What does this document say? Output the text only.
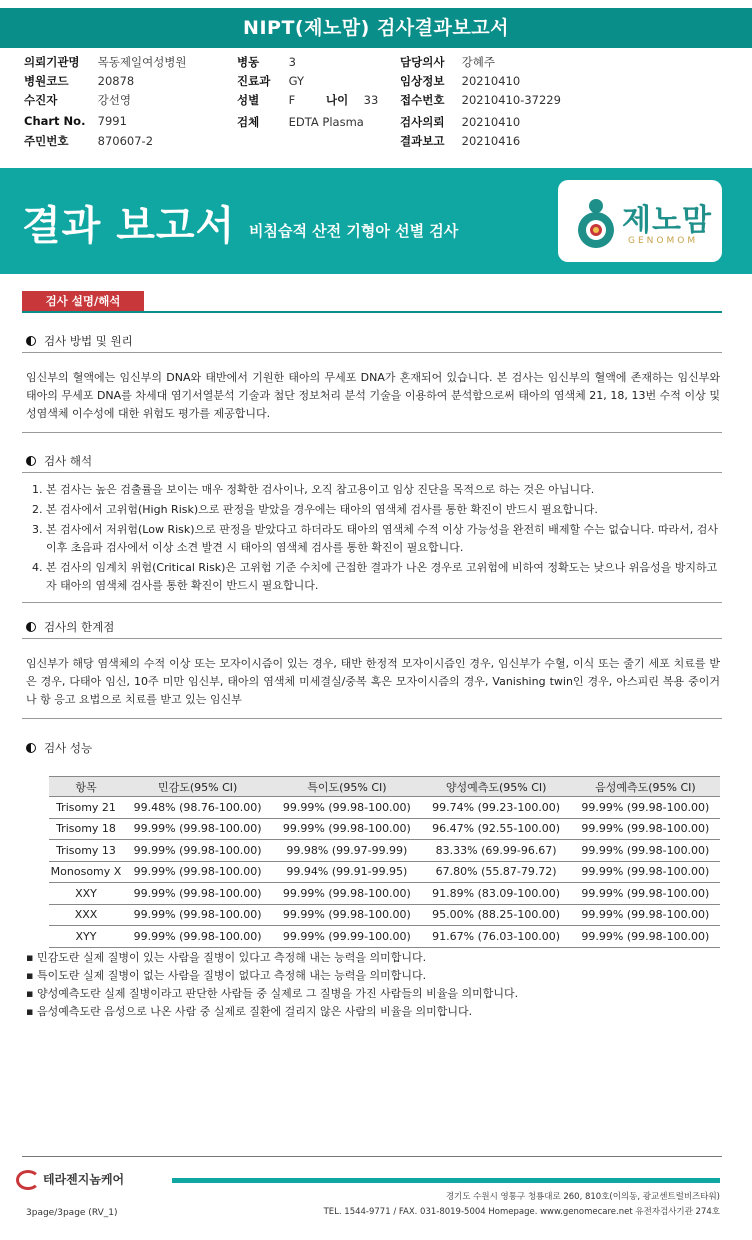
NIPT(제노맘) 검사결과보고서
의뢰기관명 목동제일여성병원
병원코드	20878
수진자	강선영
Chart No. 7991
주민번호	870607-2
병동	3
진료과 GY
성별	F	나이 33
검체	EDTA Plasma
담당의사 강혜주
임상정보 20210410
접수번호 20210410-37229
검사의뢰 20210410
결과보고 20210416
결과 보고서 비침습적 산전 기형아 선별 검사	제노맘
GENOMOM
검사 설명/해석
검사 방법 및 원리
임신부의 혈액에는 임신부의 DNA와 태반에서 기원한 태아의 무세포 DNA가 혼재되어 있습니다. 본 검사는 임신부의 혈액에 존재하는 임신부와 태아의 무세포 DNA를 차세대 염기서열분석 기술과 첨단 정보처리 분석 기술을 이용하여 분석함으로써 태아의 염색체 21, 18, 13번 수적 이상 및 성염색체 이수성에 대한 위험도 평가를 제공합니다.
검사 해석
1. 본 검사는 높은 검출률을 보이는 매우 정확한 검사이나, 오직 참고용이고 임상 진단을 목적으로 하는 것은 아닙니다.
2. 본 검사에서 고위험(High Risk)으로 판정을 받았을 경우에는 태아의 염색체 검사를 통한 확진이 반드시 필요합니다.
3. 본 검사에서 저위험(Low Risk)으로 판정을 받았다고 하더라도 태아의 염색체 수적 이상 가능성을 완전히 배제할 수는 없습니다. 따라서, 검사 이후 초음파 검사에서 이상 소견 발견 시 태아의 염색체 검사를 통한 확진이 필요합니다.
4. 본 검사의 임계치 위험(Critical Risk)은 고위험 기준 수치에 근접한 결과가 나온 경우로 고위험에 비하여 정확도는 낮으나 위음성을 방지하고자 태아의 염색체 검사를 통한 확진이 반드시 필요합니다.
검사의 한계점
임신부가 해당 염색체의 수적 이상 또는 모자이시즘이 있는 경우, 태반 한정적 모자이시즘인 경우, 임신부가 수혈, 이식 또는 줄기 세포 치료를 받은 경우, 다태아 임신, 10주 미만 임신부, 태아의 염색체 미세결실/중복 혹은 모자이시즘의 경우, Vanishing twin인 경우, 아스피린 복용 중이거나 항 응고 요법으로 치료를 받고 있는 임신부
검사 성능
항목	민감도(95% CI)	특이도(95% CI)	양성예측도(95% CI)	음성예측도(95% CI)
Trisomy 21	99.48% (98.76-100.00)	99.99% (99.98-100.00)	99.74% (99.23-100.00)	99.99% (99.98-100.00)
Trisomy 18	99.99% (99.98-100.00)	99.99% (99.98-100.00)	96.47% (92.55-100.00)	99.99% (99.98-100.00)
Trisomy 13	99.99% (99.98-100.00)	99.98% (99.97-99.99)	83.33% (69.99-96.67)	99.99% (99.98-100.00)
Monosomy X	99.99% (99.98-100.00)	99.94% (99.91-99.95)	67.80% (55.87-79.72)	99.99% (99.98-100.00)
XXY	99.99% (99.98-100.00)	99.99% (99.98-100.00)	91.89% (83.09-100.00)	99.99% (99.98-100.00)
XXX	99.99% (99.98-100.00)	99.99% (99.98-100.00)	95.00% (88.25-100.00)	99.99% (99.98-100.00)
XYY	99.99% (99.98-100.00)	99.99% (99.99-100.00)	91.67% (76.03-100.00)	99.99% (99.98-100.00)
▪ 민감도란 실제 질병이 있는 사람을 질병이 있다고 측정해 내는 능력을 의미합니다.
▪ 특이도란 실제 질병이 없는 사람을 질병이 없다고 측정해 내는 능력을 의미합니다.
▪ 양성예측도란 실제 질병이라고 판단한 사람들 중 실제로 그 질병을 가진 사람들의 비율을 의미합니다.
▪ 음성예측도란 음성으로 나온 사람 중 실제로 질환에 걸리지 않은 사람의 비율을 의미합니다.
테라젠지놈케어
경기도 수원시 영통구 청룡대로 260, 810호(이의동, 광교센트럴비즈타워)
TEL. 1544-9771 / FAX. 031-8019-5004 Homepage. www.genomecare.net 유전자검사기관 274호
3page/3page (RV_1)
